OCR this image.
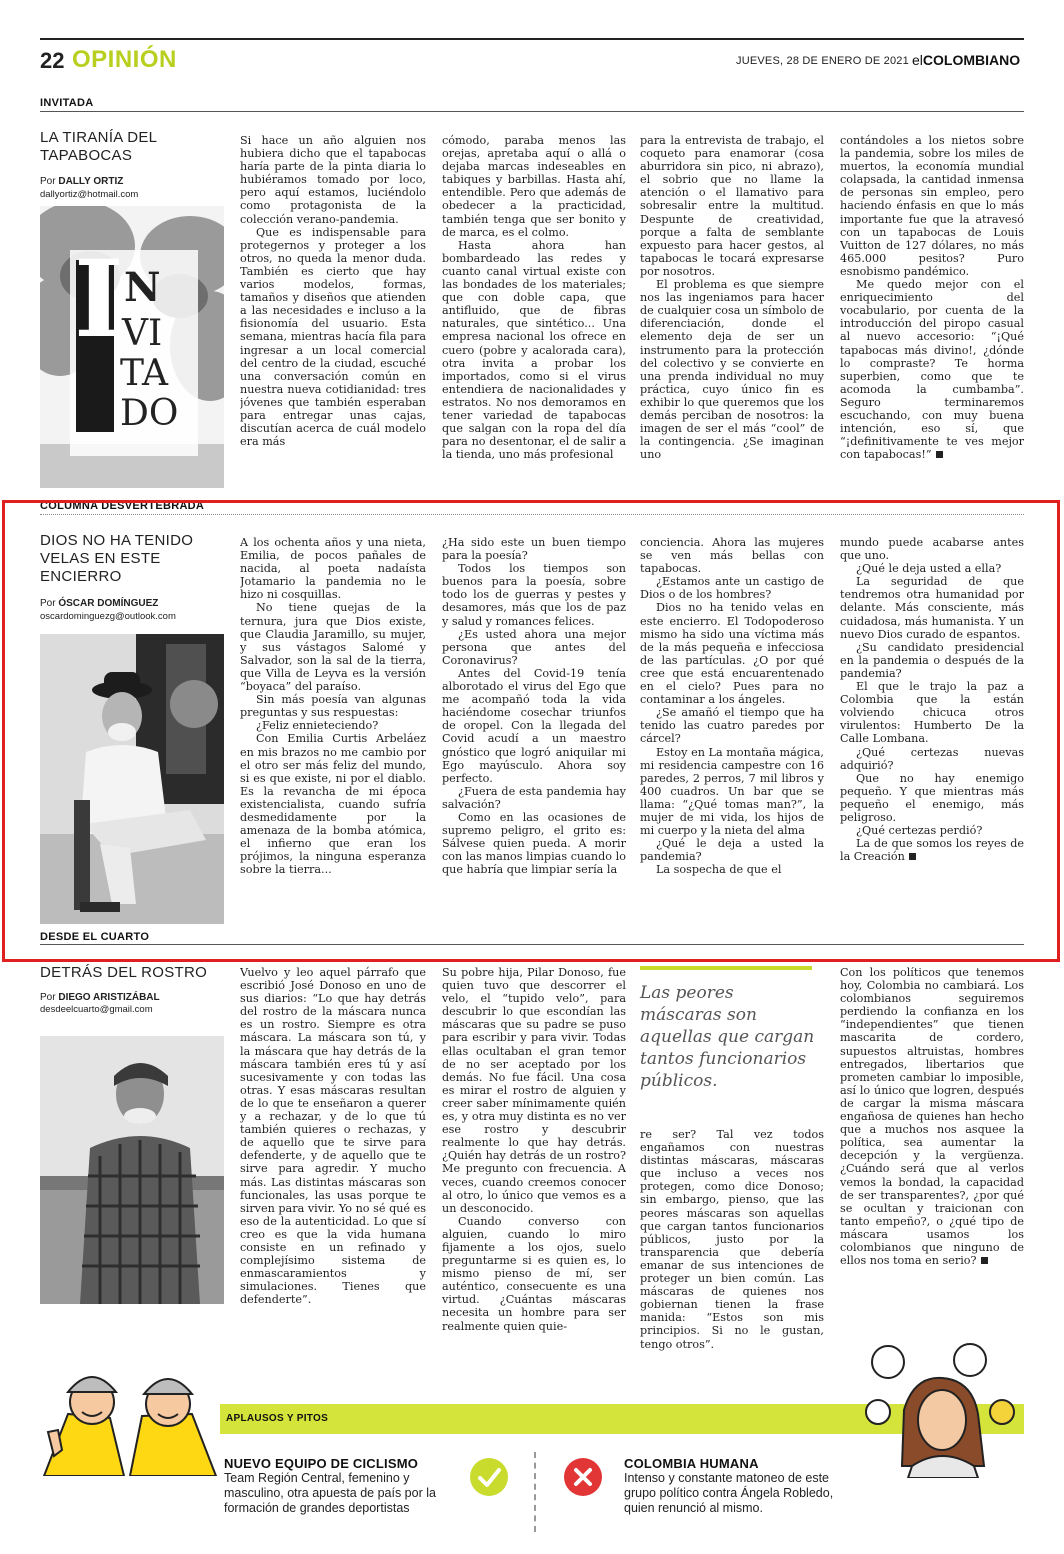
22 OPINIÓN	JUEVES, 28 DE ENERO DE 2021 elCOLOMBIANO
INVITADA
LA TIRANÍA DEL TAPABOCAS
Por DALLY ORTIZ
dallyortiz@hotmail.com
I N
VI
TA
DO

Si hace un año alguien nos hubiera dicho que el tapabocas haría parte de la pinta diaria lo hubiéramos tomado por loco, pero aquí estamos, luciéndolo como protagonista de la colección verano-pandemia.

Que es indispensable para protegernos y proteger a los otros, no queda la menor duda. También es cierto que hay varios modelos, formas, tamaños y diseños que atienden a las necesidades e incluso a la fisionomía del usuario. Esta semana, mientras hacía fila para ingresar a un local comercial del centro de la ciudad, escuché una conversación común en nuestra nueva cotidianidad: tres jóvenes que también esperaban para entregar unas cajas, discutían acerca de cuál modelo era más

cómodo, paraba menos las orejas, apretaba aquí o allá o dejaba marcas indeseables en tabiques y barbillas. Hasta ahí, entendible. Pero que además de obedecer a la practicidad, también tenga que ser bonito y de marca, es el colmo.

Hasta ahora han bombardeado las redes y cuanto canal virtual existe con las bondades de los materiales; que con doble capa, que antifluido, que de fibras naturales, que sintético... Una empresa nacional los ofrece en cuero (pobre y acalorada cara), otra invita a probar los importados, como si el virus entendiera de nacionalidades y estratos. No nos demoramos en tener variedad de tapabocas que salgan con la ropa del día para no desentonar, el de salir a la tienda, uno más profesional

para la entrevista de trabajo, el coqueto para enamorar (cosa aburridora sin pico, ni abrazo), el sobrio que no llame la atención o el llamativo para sobresalir entre la multitud. Despunte de creatividad, porque a falta de semblante expuesto para hacer gestos, al tapabocas le tocará expresarse por nosotros.

El problema es que siempre nos las ingeniamos para hacer de cualquier cosa un símbolo de diferenciación, donde el elemento deja de ser un instrumento para la protección del colectivo y se convierte en una prenda individual no muy práctica, cuyo único fin es exhibir lo que queremos que los demás perciban de nosotros: la imagen de ser el más “cool” de la contingencia. ¿Se imaginan uno

contándoles a los nietos sobre la pandemia, sobre los miles de muertos, la economía mundial colapsada, la cantidad inmensa de personas sin empleo, pero haciendo énfasis en que lo más importante fue que la atravesó con un tapabocas de Louis Vuitton de 127 dólares, no más 465.000 pesitos? Puro esnobismo pandémico.

Me quedo mejor con el enriquecimiento del vocabulario, por cuenta de la introducción del piropo casual al nuevo accesorio: “¡Qué tapabocas más divino!, ¿dónde lo compraste? Te horma superbien, como que te acomoda la cumbamba”. Seguro terminaremos escuchando, con muy buena intención, eso sí, que “¡definitivamente te ves mejor con tapabocas!”

COLUMNA DESVERTEBRADA
DIOS NO HA TENIDO VELAS EN ESTE ENCIERRO
Por ÓSCAR DOMÍNGUEZ
oscardominguezg@outlook.com

A los ochenta años y una nieta, Emilia, de pocos pañales de nacida, al poeta nadaísta Jotamario la pandemia no le hizo ni cosquillas.

No tiene quejas de la ternura, jura que Dios existe, que Claudia Jaramillo, su mujer, y sus vástagos Salomé y Salvador, son la sal de la tierra, que Villa de Leyva es la versión “boyaca” del paraíso.

Sin más poesía van algunas preguntas y sus respuestas:

¿Feliz ennieteciendo?

Con Emilia Curtis Arbeláez en mis brazos no me cambio por el otro ser más feliz del mundo, si es que existe, ni por el diablo. Es la revancha de mi época existencialista, cuando sufría desmedidamente por la amenaza de la bomba atómica, el infierno que eran los prójimos, la ninguna esperanza sobre la tierra...

¿Ha sido este un buen tiempo para la poesía?

Todos los tiempos son buenos para la poesía, sobre todo los de guerras y pestes y desamores, más que los de paz y salud y romances felices.

¿Es usted ahora una mejor persona que antes del Coronavirus?

Antes del Covid-19 tenía alborotado el virus del Ego que me acompañó toda la vida haciéndome cosechar triunfos de oropel. Con la llegada del Covid acudí a un maestro gnóstico que logró aniquilar mi Ego mayúsculo. Ahora soy perfecto.

¿Fuera de esta pandemia hay salvación?

Como en las ocasiones de supremo peligro, el grito es: Sálvese quien pueda. A morir con las manos limpias cuando lo que habría que limpiar sería la

conciencia. Ahora las mujeres se ven más bellas con tapabocas.

¿Estamos ante un castigo de Dios o de los hombres?

Dios no ha tenido velas en este encierro. El Todopoderoso mismo ha sido una víctima más de la más pequeña e infecciosa de las partículas. ¿O por qué cree que está encuarentenado en el cielo? Pues para no contaminar a los ángeles.

¿Se amañó el tiempo que ha tenido las cuatro paredes por cárcel?

Estoy en La montaña mágica, mi residencia campestre con 16 paredes, 2 perros, 7 mil libros y 400 cuadros. Un bar que se llama: “¿Qué tomas man?”, la mujer de mi vida, los hijos de mi cuerpo y la nieta del alma

¿Qué le deja a usted la pandemia?

La sospecha de que el

mundo puede acabarse antes que uno.

¿Qué le deja usted a ella?

La seguridad de que tendremos otra humanidad por delante. Más consciente, más cuidadosa, más humanista. Y un nuevo Dios curado de espantos.

¿Su candidato presidencial en la pandemia o después de la pandemia?

El que le trajo la paz a Colombia que la están volviendo chicuca otros virulentos: Humberto De la Calle Lombana.

¿Qué certezas nuevas adquirió?

Que no hay enemigo pequeño. Y que mientras más pequeño el enemigo, más peligroso.

¿Qué certezas perdió?

La de que somos los reyes de la Creación

DESDE EL CUARTO
DETRÁS DEL ROSTRO
Por DIEGO ARISTIZÁBAL
desdeelcuarto@gmail.com

Vuelvo y leo aquel párrafo que escribió José Donoso en uno de sus diarios: “Lo que hay detrás del rostro de la máscara nunca es un rostro. Siempre es otra máscara. La máscara son tú, y la máscara que hay detrás de la máscara también eres tú y así sucesivamente y con todas las otras. Y esas máscaras resultan de lo que te enseñaron a querer y a rechazar, y de lo que tú también quieres o rechazas, y de aquello que te sirve para defenderte, y de aquello que te sirve para agredir. Y mucho más. Las distintas máscaras son funcionales, las usas porque te sirven para vivir. Yo no sé qué es eso de la autenticidad. Lo que sí creo es que la vida humana consiste en un refinado y complejísimo sistema de enmascaramientos y simulaciones. Tienes que defenderte”.

Su pobre hija, Pilar Donoso, fue quien tuvo que descorrer el velo, el “tupido velo”, para descubrir lo que escondían las máscaras que su padre se puso para escribir y para vivir. Todas ellas ocultaban el gran temor de no ser aceptado por los demás. No fue fácil. Una cosa es mirar el rostro de alguien y creer saber mínimamente quién es, y otra muy distinta es no ver ese rostro y descubrir realmente lo que hay detrás. ¿Quién hay detrás de un rostro? Me pregunto con frecuencia. A veces, cuando creemos conocer al otro, lo único que vemos es a un desconocido.

Cuando converso con alguien, cuando lo miro fijamente a los ojos, suelo preguntarme si es quien es, lo mismo pienso de mí, ser auténtico, consecuente es una virtud. ¿Cuántas máscaras necesita un hombre para ser realmente quien quie-

Las peores máscaras son aquellas que cargan tantos funcionarios públicos.

re ser? Tal vez todos engañamos con nuestras distintas máscaras, máscaras que incluso a veces nos protegen, como dice Donoso; sin embargo, pienso, que las peores máscaras son aquellas que cargan tantos funcionarios públicos, justo por la transparencia que debería emanar de sus intenciones de proteger un bien común. Las máscaras de quienes nos gobiernan tienen la frase manida: “Estos son mis principios. Si no le gustan, tengo otros”.

Con los políticos que tenemos hoy, Colombia no cambiará. Los colombianos seguiremos perdiendo la confianza en los “independientes” que tienen mascarita de cordero, supuestos altruistas, hombres entregados, libertarios que prometen cambiar lo imposible, así lo único que logren, después de cargar la misma máscara engañosa de quienes han hecho que a muchos nos asquee la política, sea aumentar la decepción y la vergüenza. ¿Cuándo será que al verlos vemos la bondad, la capacidad de ser transparentes?, ¿por qué se ocultan y traicionan con tanto empeño?, o ¿qué tipo de máscara usamos los colombianos que ninguno de ellos nos toma en serio?

APLAUSOS Y PITOS
NUEVO EQUIPO DE CICLISMO
Team Región Central, femenino y masculino, otra apuesta de país por la formación de grandes deportistas
COLOMBIA HUMANA
Intenso y constante matoneo de este grupo político contra Ángela Robledo, quien renunció al mismo.
